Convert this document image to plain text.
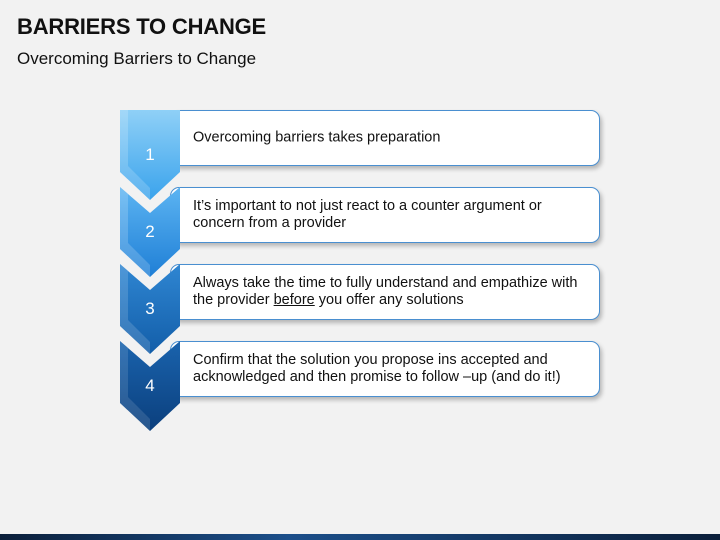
BARRIERS TO CHANGE

Overcoming Barriers to Change

Overcoming barriers takes preparation
1
It’s important to not just react to a counter argument or concern from a provider
2
Always take the time to fully understand and empathize with the provider before you offer any solutions
3
Confirm that the solution you propose ins accepted and acknowledged and then promise to follow –up (and do it!)
4
